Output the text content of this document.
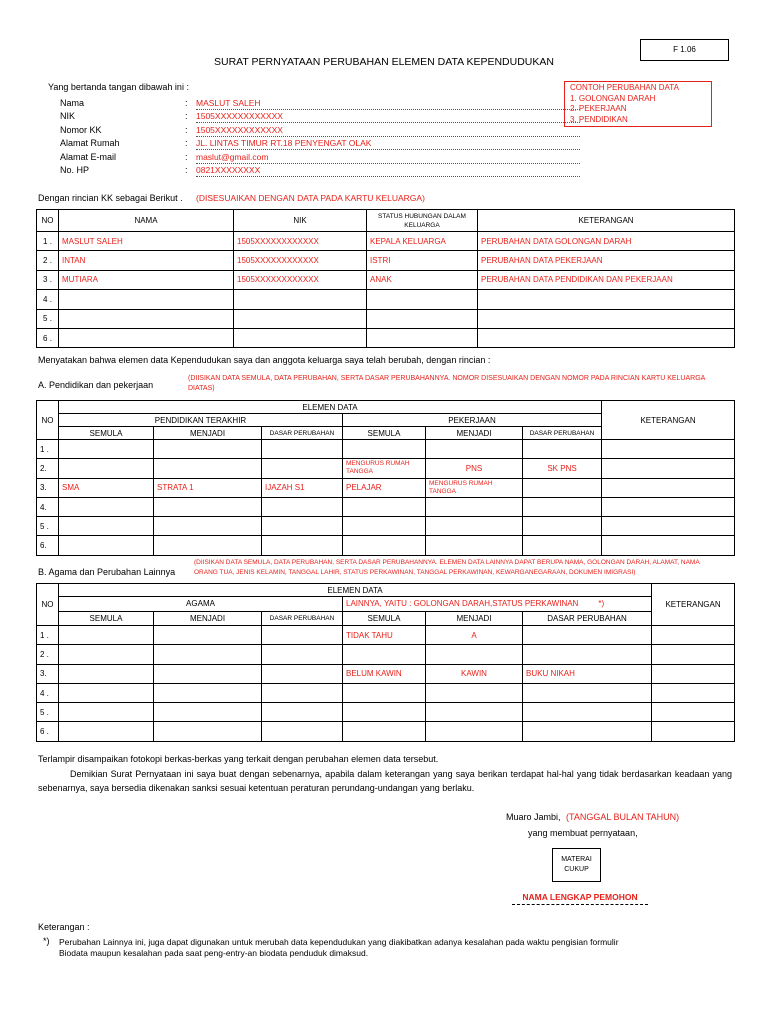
F 1.06
SURAT PERNYATAAN PERUBAHAN ELEMEN DATA KEPENDUDUKAN
CONTOH PERUBAHAN DATA
1. GOLONGAN DARAH
2. PEKERJAAN
3. PENDIDIKAN
Yang bertanda tangan dibawah ini :
Nama	: MASLUT SALEH
NIK	: 1505XXXXXXXXXXXX
Nomor KK	: 1505XXXXXXXXXXXX
Alamat Rumah	: JL. LINTAS TIMUR RT.18 PENYENGAT OLAK
Alamat E-mail	: maslut@gmail.com
No. HP	: 0821XXXXXXXX
Dengan rincian KK sebagai Berikut . (DISESUAIKAN DENGAN DATA PADA KARTU KELUARGA)
NO	NAMA	NIK	STATUS HUBUNGAN DALAM KELUARGA	KETERANGAN
1 .	MASLUT SALEH	1505XXXXXXXXXXXX	KEPALA KELUARGA	PERUBAHAN DATA GOLONGAN DARAH
2 .	INTAN	1505XXXXXXXXXXXX	ISTRI	PERUBAHAN DATA PEKERJAAN
3 .	MUTIARA	1505XXXXXXXXXXXX	ANAK	PERUBAHAN DATA PENDIDIKAN DAN PEKERJAAN
4 .				
5 .				
6 .				
Menyatakan bahwa elemen data Kependudukan saya dan anggota keluarga saya telah berubah, dengan rincian :
A. Pendidikan dan pekerjaan
(DIISIKAN DATA SEMULA, DATA PERUBAHAN, SERTA DASAR PERUBAHANNYA. NOMOR DISESUAIKAN DENGAN NOMOR PADA RINCIAN KARTU KELUARGA DIATAS)
NO	ELEMEN DATA						KETERANGAN
	PENDIDIKAN TERAKHIR			PEKERJAAN			
	SEMULA	MENJADI	DASAR PERUBAHAN	SEMULA	MENJADI	DASAR PERUBAHAN	
1 .							
2.				MENGURUS RUMAH TANGGA	PNS	SK PNS	
3.	SMA	STRATA 1	IJAZAH S1	PELAJAR	MENGURUS RUMAH TANGGA		
4.							
5 .							
6.							
B. Agama dan Perubahan Lainnya
(DIISIKAN DATA SEMULA, DATA PERUBAHAN, SERTA DASAR PERUBAHANNYA. ELEMEN DATA LAINNYA DAPAT BERUPA NAMA, GOLONGAN DARAH, ALAMAT, NAMA ORANG TUA, JENIS KELAMIN, TANGGAL LAHIR, STATUS PERKAWINAN, TANGGAL PERKAWINAN, KEWARGANEGARAAN, DOKUMEN IMIGRASI)
NO	ELEMEN DATA						KETERANGAN
	AGAMA			LAINNYA, YAITU : GOLONGAN DARAH,STATUS PERKAWINAN *)			
	SEMULA	MENJADI	DASAR PERUBAHAN	SEMULA	MENJADI	DASAR PERUBAHAN	
1 .				TIDAK TAHU	A		
2 .							
3.				BELUM KAWIN	KAWIN	BUKU NIKAH	
4 .							
5 .							
6 .							
Terlampir disampaikan fotokopi berkas-berkas yang terkait dengan perubahan elemen data tersebut.
Demikian Surat Pernyataan ini saya buat dengan sebenarnya, apabila dalam keterangan yang saya berikan terdapat hal-hal yang tidak berdasarkan keadaan yang sebenarnya, saya bersedia dikenakan sanksi sesuai ketentuan peraturan perundang-undangan yang berlaku.
Muaro Jambi, (TANGGAL BULAN TAHUN)
yang membuat pernyataan,
MATERAI CUKUP
NAMA LENGKAP PEMOHON
Keterangan :
*) Perubahan Lainnya ini, juga dapat digunakan untuk merubah data kependudukan yang diakibatkan adanya kesalahan pada waktu pengisian formulir
Biodata maupun kesalahan pada saat peng-entry-an biodata penduduk dimaksud.
